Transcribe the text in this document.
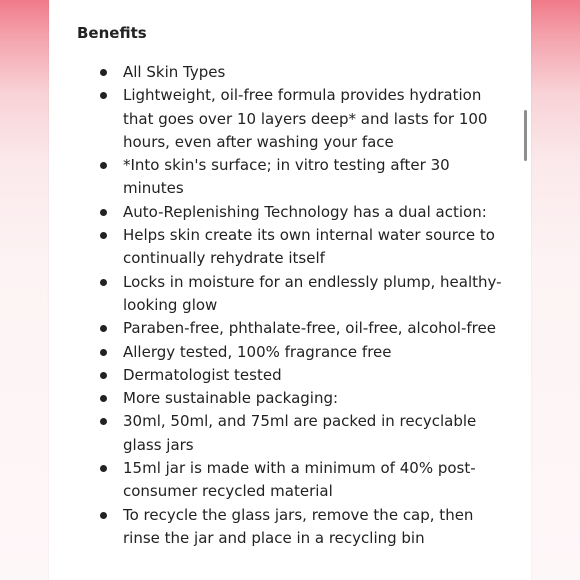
Benefits
All Skin Types
Lightweight, oil-free formula provides hydration that goes over 10 layers deep* and lasts for 100 hours, even after washing your face
*Into skin's surface; in vitro testing after 30 minutes
Auto-Replenishing Technology has a dual action:
Helps skin create its own internal water source to continually rehydrate itself
Locks in moisture for an endlessly plump, healthy-looking glow
Paraben-free, phthalate-free, oil-free, alcohol-free
Allergy tested, 100% fragrance free
Dermatologist tested
More sustainable packaging:
30ml, 50ml, and 75ml are packed in recyclable glass jars
15ml jar is made with a minimum of 40% post-consumer recycled material
To recycle the glass jars, remove the cap, then rinse the jar and place in a recycling bin
